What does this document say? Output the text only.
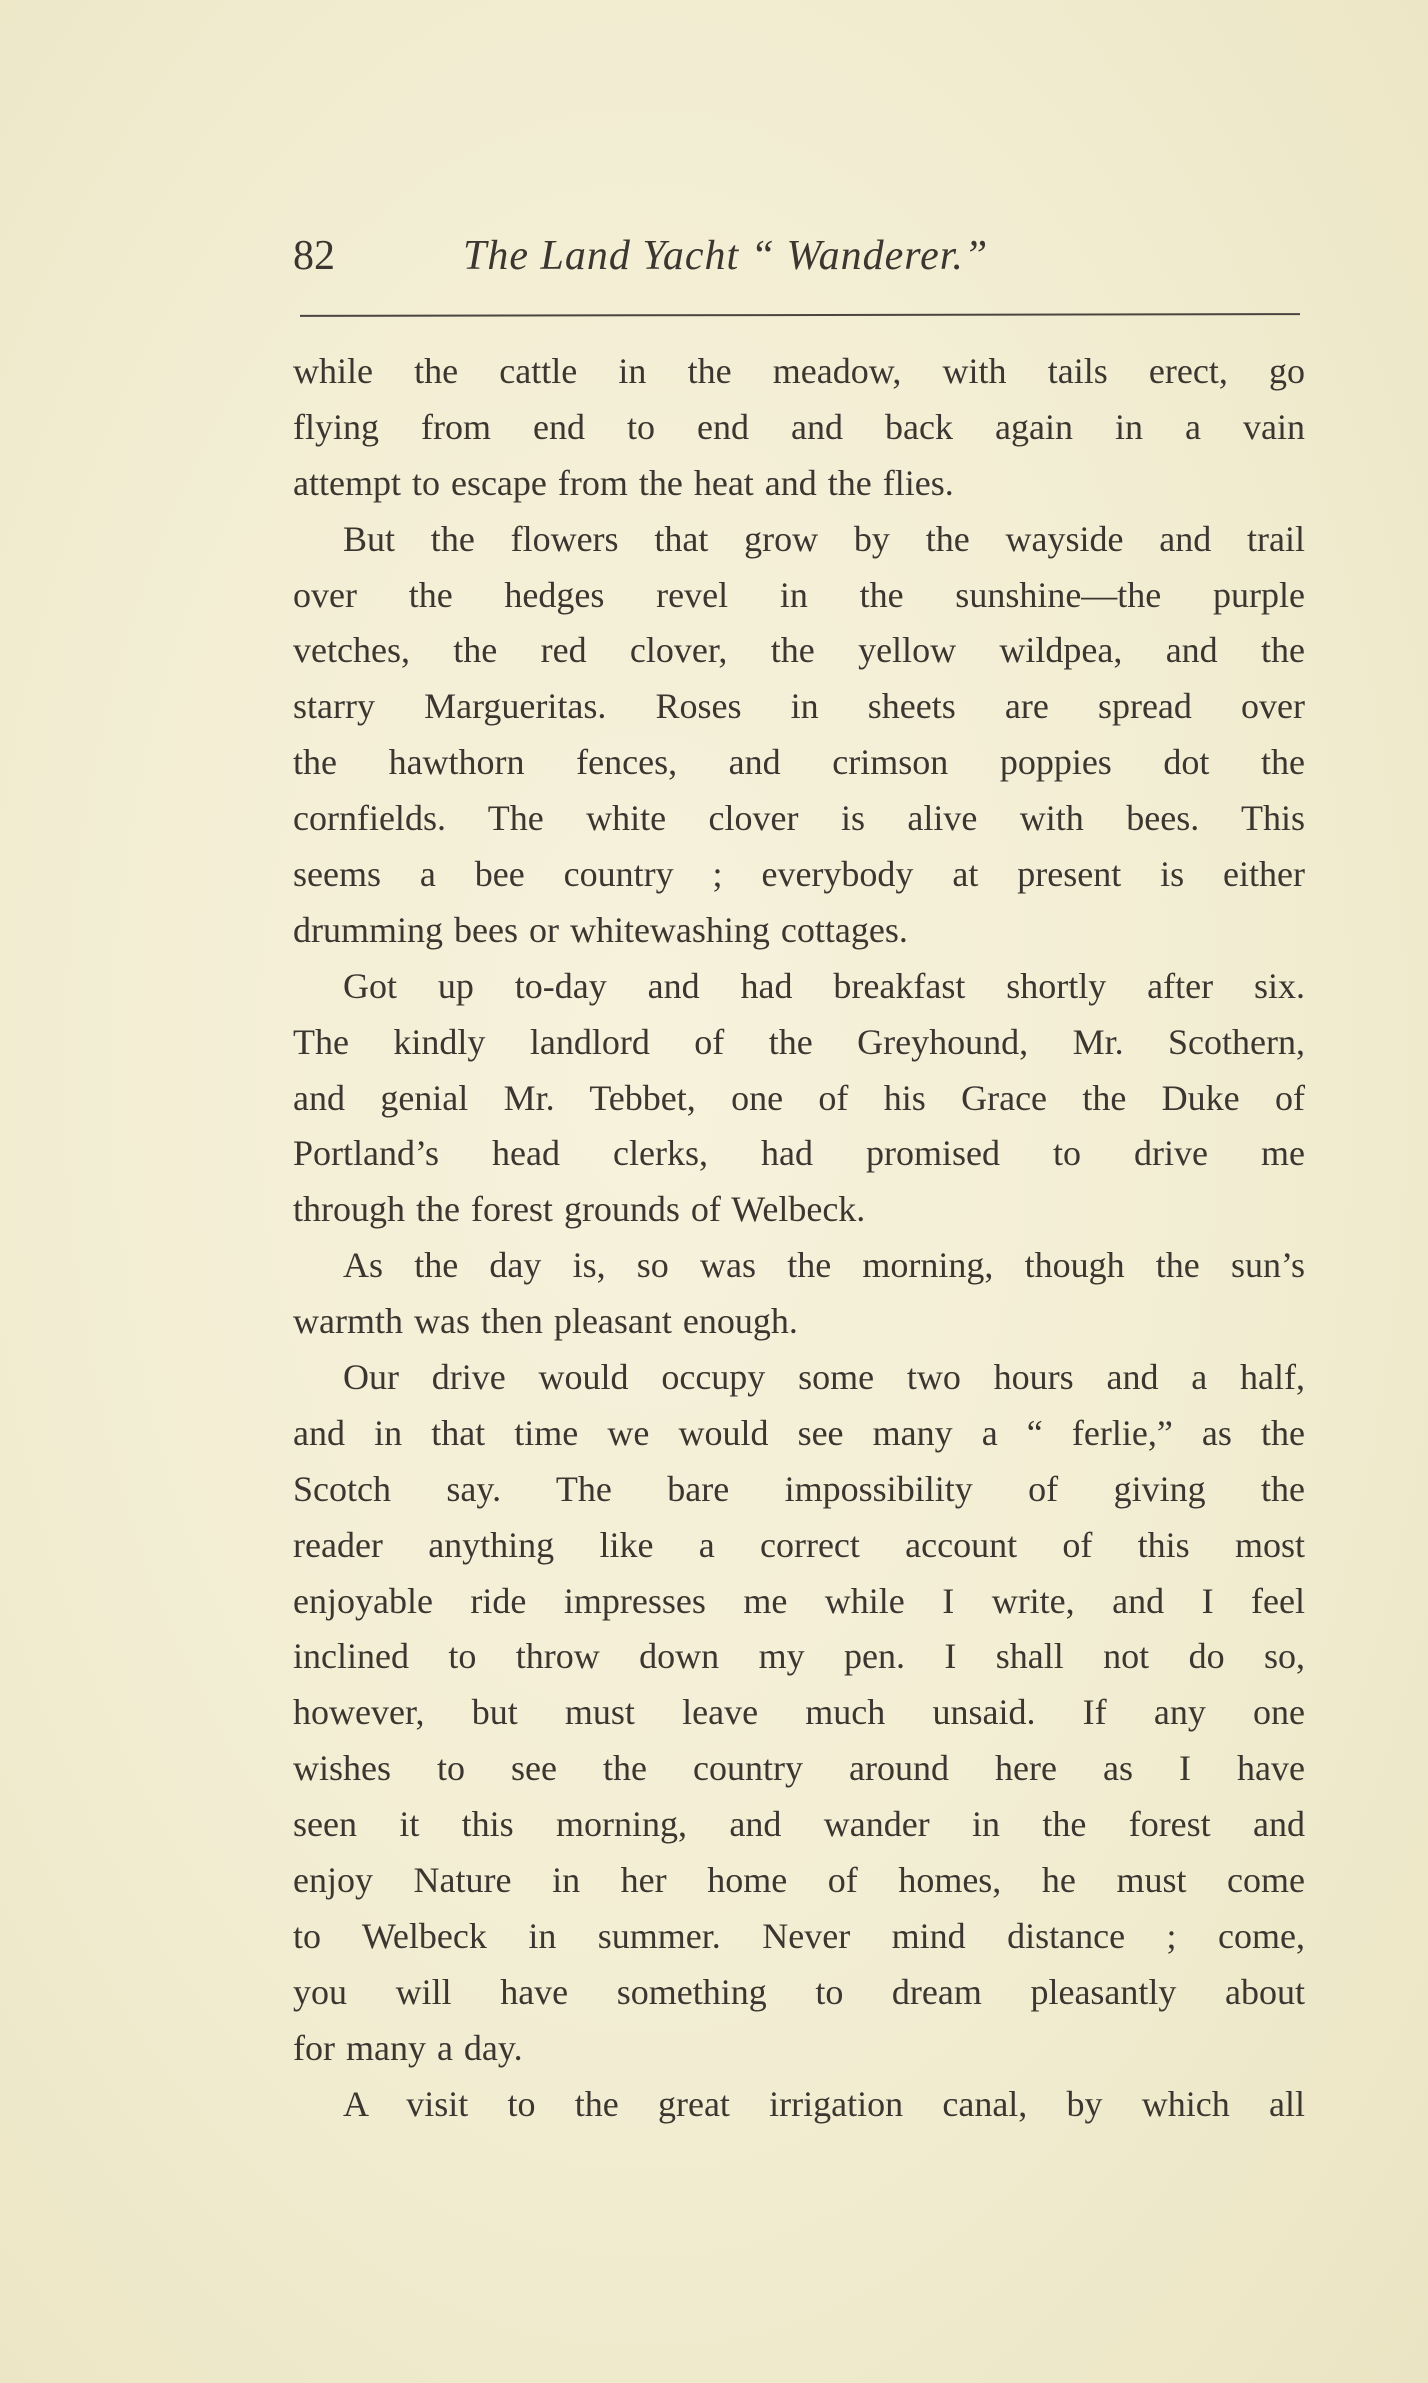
82	The Land Yacht “ Wanderer.”
while the cattle in the meadow, with tails erect, go
flying from end to end and back again in a vain
attempt to escape from the heat and the flies.
But the flowers that grow by the wayside and trail
over the hedges revel in the sunshine—the purple
vetches, the red clover, the yellow wildpea, and the
starry Margueritas. Roses in sheets are spread over
the hawthorn fences, and crimson poppies dot the
cornfields. The white clover is alive with bees. This
seems a bee country ; everybody at present is either
drumming bees or whitewashing cottages.
Got up to-day and had breakfast shortly after six.
The kindly landlord of the Greyhound, Mr. Scothern,
and genial Mr. Tebbet, one of his Grace the Duke of
Portland’s head clerks, had promised to drive me
through the forest grounds of Welbeck.
As the day is, so was the morning, though the sun’s
warmth was then pleasant enough.
Our drive would occupy some two hours and a half,
and in that time we would see many a “ ferlie,” as the
Scotch say. The bare impossibility of giving the
reader anything like a correct account of this most
enjoyable ride impresses me while I write, and I feel
inclined to throw down my pen. I shall not do so,
however, but must leave much unsaid. If any one
wishes to see the country around here as I have
seen it this morning, and wander in the forest and
enjoy Nature in her home of homes, he must come
to Welbeck in summer. Never mind distance ; come,
you will have something to dream pleasantly about
for many a day.
A visit to the great irrigation canal, by which all
